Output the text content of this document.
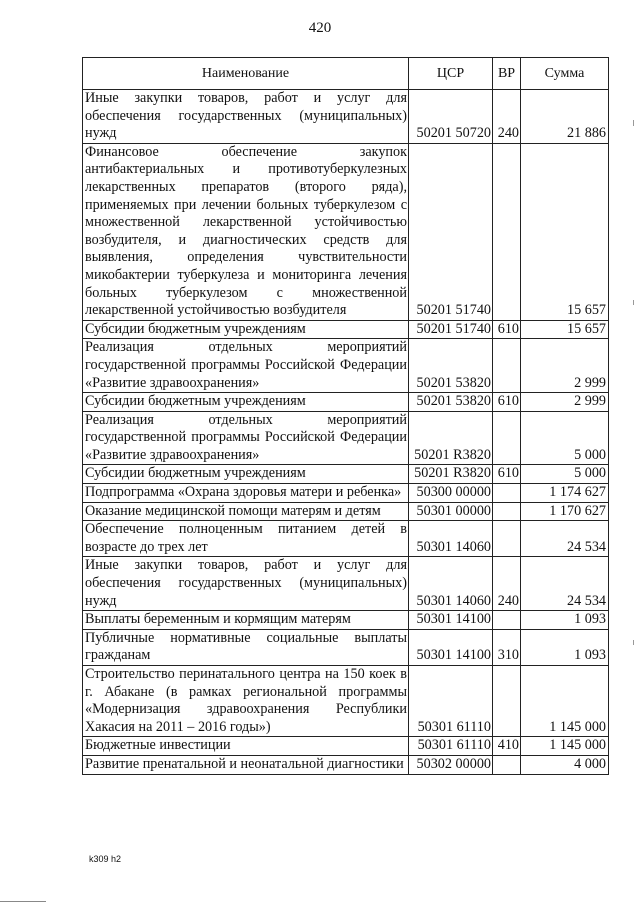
420
Наименование	ЦСР	ВР	Сумма
Иные закупки товаров, работ и услуг для обеспечения государственных (муниципальных) нужд	50201 50720	240	21 886
Финансовое обеспечение закупок антибактериальных и противотуберкулезных лекарственных препаратов (второго ряда), применяемых при лечении больных туберкулезом с множественной лекарственной устойчивостью возбудителя, и диагностических средств для выявления, определения чувствительности микобактерии туберкулеза и мониторинга лечения больных туберкулезом с множественной лекарственной устойчивостью возбудителя	50201 51740		15 657
Субсидии бюджетным учреждениям	50201 51740	610	15 657
Реализация отдельных мероприятий государственной программы Российской Федерации «Развитие здравоохранения»	50201 53820		2 999
Субсидии бюджетным учреждениям	50201 53820	610	2 999
Реализация отдельных мероприятий государственной программы Российской Федерации «Развитие здравоохранения»	50201 R3820		5 000
Субсидии бюджетным учреждениям	50201 R3820	610	5 000
Подпрограмма «Охрана здоровья матери и ребенка»	50300 00000		1 174 627
Оказание медицинской помощи матерям и детям	50301 00000		1 170 627
Обеспечение полноценным питанием детей в возрасте до трех лет	50301 14060		24 534
Иные закупки товаров, работ и услуг для обеспечения государственных (муниципальных) нужд	50301 14060	240	24 534
Выплаты беременным и кормящим матерям	50301 14100		1 093
Публичные нормативные социальные выплаты гражданам	50301 14100	310	1 093
Строительство перинатального центра на 150 коек в г. Абакане (в рамках региональной программы «Модернизация здравоохранения Республики Хакасия на 2011 – 2016 годы»)	50301 61110		1 145 000
Бюджетные инвестиции	50301 61110	410	1 145 000
Развитие пренатальной и неонатальной диагностики	50302 00000		4 000
k309 h2
